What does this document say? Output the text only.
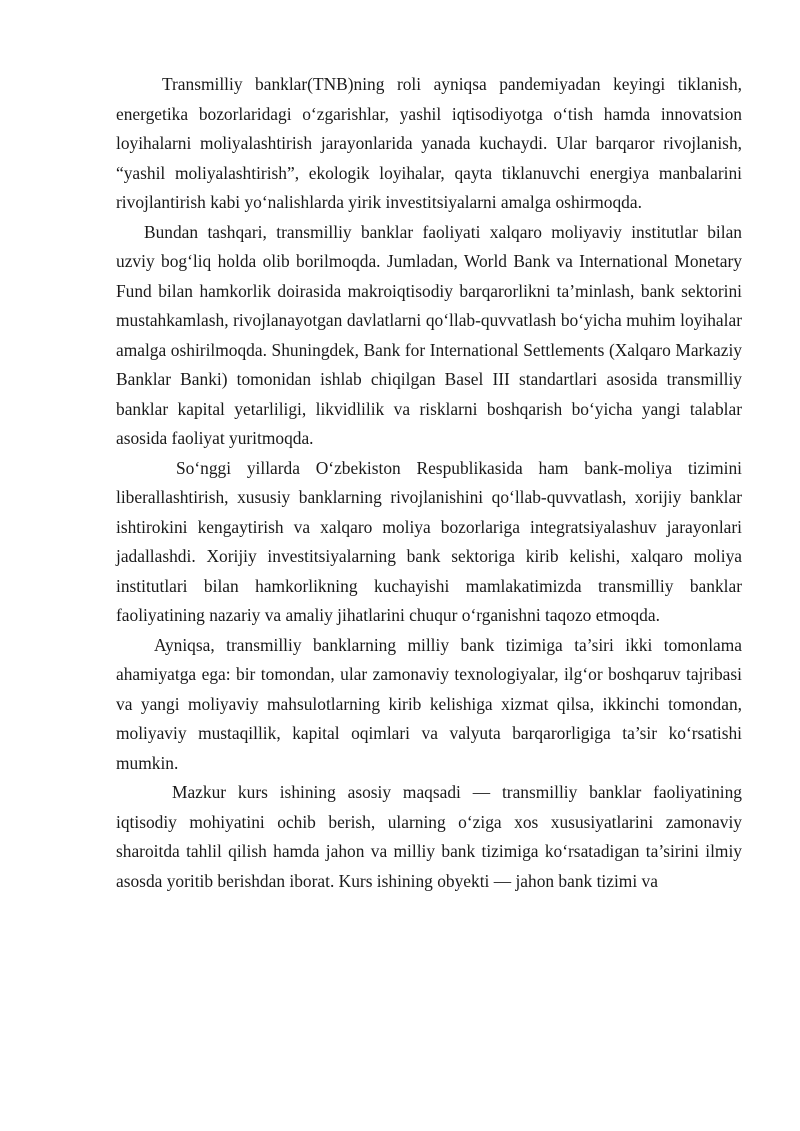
Transmilliy banklar(TNB)ning roli ayniqsa pandemiyadan keyingi tiklanish, energetika bozorlaridagi o‘zgarishlar, yashil iqtisodiyotga o‘tish hamda innovatsion loyihalarni moliyalashtirish jarayonlarida yanada kuchaydi. Ular barqaror rivojlanish, “yashil moliyalashtirish”, ekologik loyihalar, qayta tiklanuvchi energiya manbalarini rivojlantirish kabi yo‘nalishlarda yirik investitsiyalarni amalga oshirmoqda.

Bundan tashqari, transmilliy banklar faoliyati xalqaro moliyaviy institutlar bilan uzviy bog‘liq holda olib borilmoqda. Jumladan, World Bank va International Monetary Fund bilan hamkorlik doirasida makroiqtisodiy barqarorlikni ta’minlash, bank sektorini mustahkamlash, rivojlanayotgan davlatlarni qo‘llab-quvvatlash bo‘yicha muhim loyihalar amalga oshirilmoqda. Shuningdek, Bank for International Settlements (Xalqaro Markaziy Banklar Banki) tomonidan ishlab chiqilgan Basel III standartlari asosida transmilliy banklar kapital yetarliligi, likvidlilik va risklarni boshqarish bo‘yicha yangi talablar asosida faoliyat yuritmoqda.

So‘nggi yillarda O‘zbekiston Respublikasida ham bank-moliya tizimini liberallashtirish, xususiy banklarning rivojlanishini qo‘llab-quvvatlash, xorijiy banklar ishtirokini kengaytirish va xalqaro moliya bozorlariga integratsiyalashuv jarayonlari jadallashdi. Xorijiy investitsiyalarning bank sektoriga kirib kelishi, xalqaro moliya institutlari bilan hamkorlikning kuchayishi mamlakatimizda transmilliy banklar faoliyatining nazariy va amaliy jihatlarini chuqur o‘rganishni taqozo etmoqda.

Ayniqsa, transmilliy banklarning milliy bank tizimiga ta’siri ikki tomonlama ahamiyatga ega: bir tomondan, ular zamonaviy texnologiyalar, ilg‘or boshqaruv tajribasi va yangi moliyaviy mahsulotlarning kirib kelishiga xizmat qilsa, ikkinchi tomondan, moliyaviy mustaqillik, kapital oqimlari va valyuta barqarorligiga ta’sir ko‘rsatishi mumkin.

Mazkur kurs ishining asosiy maqsadi — transmilliy banklar faoliyatining iqtisodiy mohiyatini ochib berish, ularning o‘ziga xos xususiyatlarini zamonaviy sharoitda tahlil qilish hamda jahon va milliy bank tizimiga ko‘rsatadigan ta’sirini ilmiy asosda yoritib berishdan iborat. Kurs ishining obyekti — jahon bank tizimi va
